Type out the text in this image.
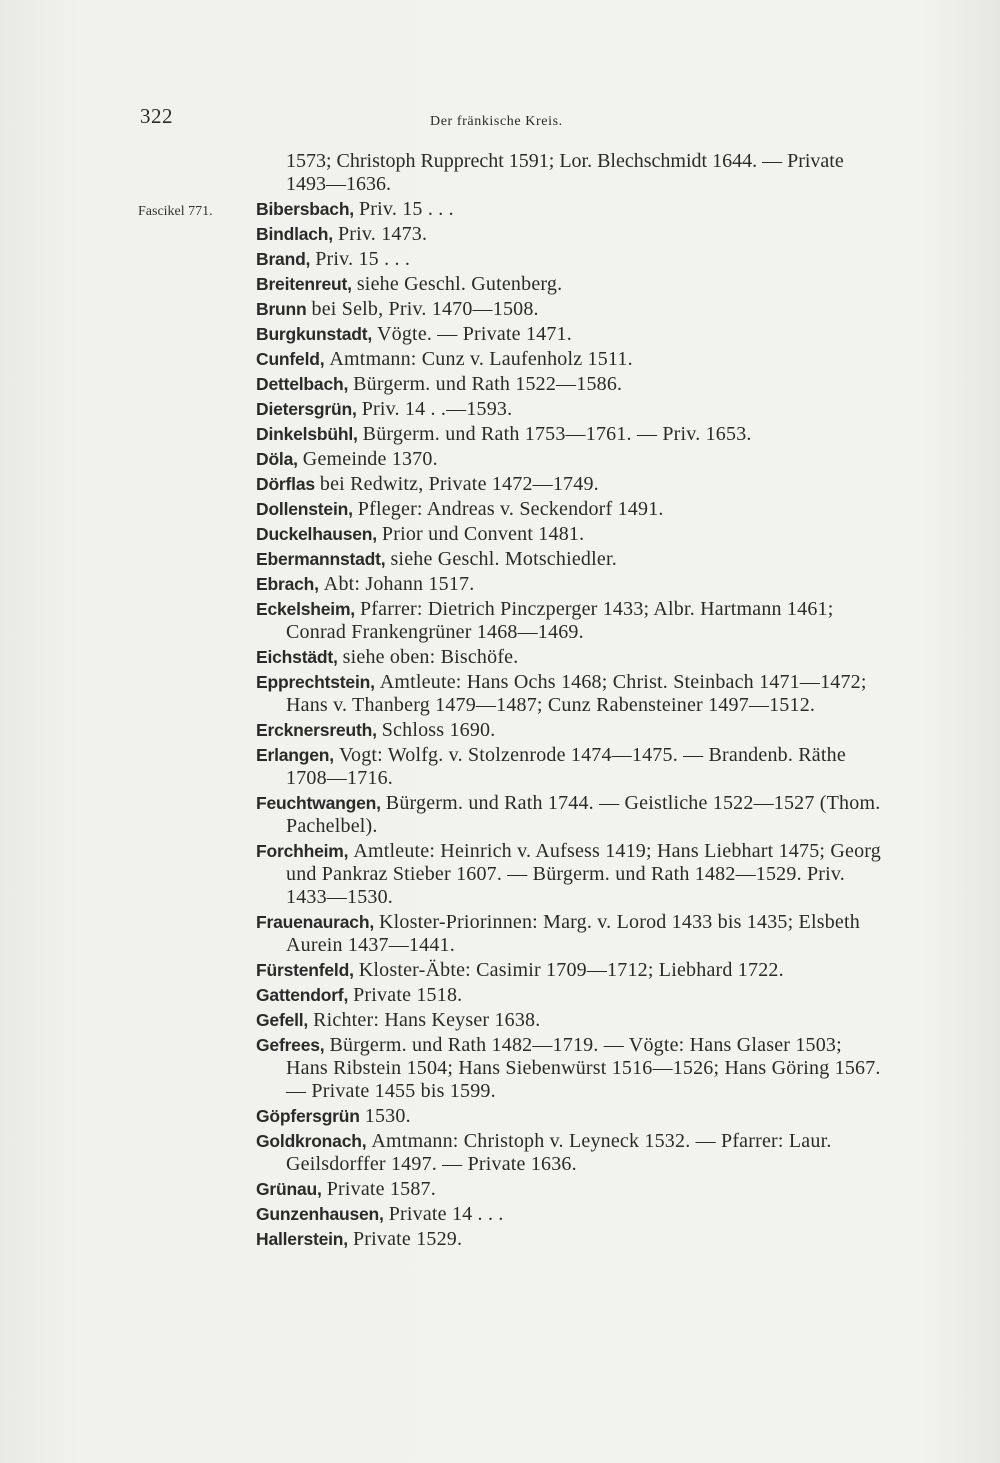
322	Der fränkische Kreis.
Fascikel 771.
1573; Christoph Rupprecht 1591; Lor. Blechschmidt 1644. — Private 1493—1636.
Bibersbach, Priv. 15 . . .
Bindlach, Priv. 1473.
Brand, Priv. 15 . . .
Breitenreut, siehe Geschl. Gutenberg.
Brunn bei Selb, Priv. 1470—1508.
Burgkunstadt, Vögte. — Private 1471.
Cunfeld, Amtmann: Cunz v. Laufenholz 1511.
Dettelbach, Bürgerm. und Rath 1522—1586.
Dietersgrün, Priv. 14 . .—1593.
Dinkelsbühl, Bürgerm. und Rath 1753—1761. — Priv. 1653.
Döla, Gemeinde 1370.
Dörflas bei Redwitz, Private 1472—1749.
Dollenstein, Pfleger: Andreas v. Seckendorf 1491.
Duckelhausen, Prior und Convent 1481.
Ebermannstadt, siehe Geschl. Motschiedler.
Ebrach, Abt: Johann 1517.
Eckelsheim, Pfarrer: Dietrich Pinczperger 1433; Albr. Hartmann 1461; Conrad Frankengrüner 1468—1469.
Eichstädt, siehe oben: Bischöfe.
Epprechtstein, Amtleute: Hans Ochs 1468; Christ. Steinbach 1471—1472; Hans v. Thanberg 1479—1487; Cunz Rabensteiner 1497—1512.
Ercknersreuth, Schloss 1690.
Erlangen, Vogt: Wolfg. v. Stolzenrode 1474—1475. — Brandenb. Räthe 1708—1716.
Feuchtwangen, Bürgerm. und Rath 1744. — Geistliche 1522—1527 (Thom. Pachelbel).
Forchheim, Amtleute: Heinrich v. Aufsess 1419; Hans Liebhart 1475; Georg und Pankraz Stieber 1607. — Bürgerm. und Rath 1482—1529. Priv. 1433—1530.
Frauenaurach, Kloster-Priorinnen: Marg. v. Lorod 1433 bis 1435; Elsbeth Aurein 1437—1441.
Fürstenfeld, Kloster-Äbte: Casimir 1709—1712; Liebhard 1722.
Gattendorf, Private 1518.
Gefell, Richter: Hans Keyser 1638.
Gefrees, Bürgerm. und Rath 1482—1719. — Vögte: Hans Glaser 1503; Hans Ribstein 1504; Hans Siebenwürst 1516—1526; Hans Göring 1567. — Private 1455 bis 1599.
Göpfersgrün 1530.
Goldkronach, Amtmann: Christoph v. Leyneck 1532. — Pfarrer: Laur. Geilsdorffer 1497. — Private 1636.
Grünau, Private 1587.
Gunzenhausen, Private 14 . . .
Hallerstein, Private 1529.
